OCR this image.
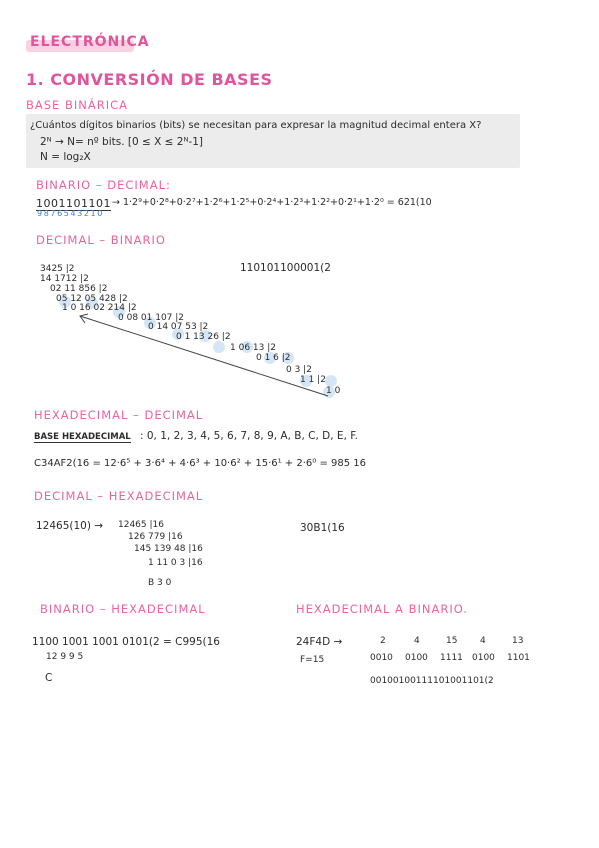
ELECTRÓNICA
1. CONVERSIÓN DE BASES
BASE BINÁRICA
¿Cuántos dígitos binarios (bits) se necesitan para expresar la magnitud decimal entera X?
2ᴺ → N= nº bits. [0 ≤ X ≤ 2ᴺ-1]
N = log₂X
BINARIO – DECIMAL:
1001101101
9876543210
→ 1·2⁹+0·2⁸+0·2⁷+1·2⁶+1·2⁵+0·2⁴+1·2³+1·2²+0·2¹+1·2⁰ = 621(10
DECIMAL – BINARIO
110101100001(2
3425 |2
14 1712 |2
02 11 856 |2
05 12 05 428 |2
1 0 16 02 214 |2
0 08 01 107 |2
0 14 07 53 |2
0 1 13 26 |2
1 06 13 |2
0 1 6 |2
0 3 |2
1 1 |2
1 0
HEXADECIMAL – DECIMAL
BASE HEXADECIMAL : 0, 1, 2, 3, 4, 5, 6, 7, 8, 9, A, B, C, D, E, F.
C34AF2(16 = 12·6⁵ + 3·6⁴ + 4·6³ + 10·6² + 15·6¹ + 2·6⁰ = 985 16
DECIMAL – HEXADECIMAL
12465(10) → 12465 |16
126 779 |16
145 139 48 |16
1 11 0 3 |16
B 3 0
30B1(16
BINARIO – HEXADECIMAL
1100 1001 1001 0101(2 = C995(16
12 9 9 5
C
HEXADECIMAL A BINARIO.
24F4D →
F=15
2	4	15	4	13
0010 0100 1111 0100 1101
00100100111101001101(2
